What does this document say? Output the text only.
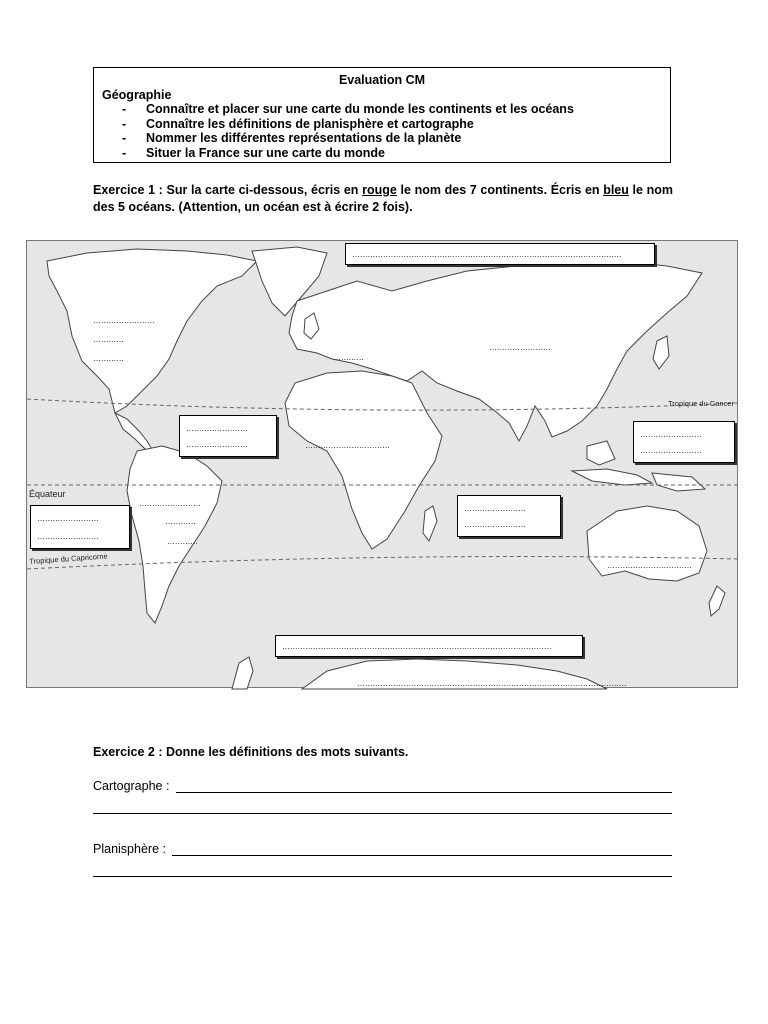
Evaluation CM
Géographie
- Connaître et placer sur une carte du monde les continents et les océans
- Connaître les définitions de planisphère et cartographe
- Nommer les différentes représentations de la planète
- Situer la France sur une carte du monde
Exercice 1 : Sur la carte ci-dessous, écris en rouge le nom des 7 continents. Écris en bleu le nom des 5 océans. (Attention, un océan est à écrire 2 fois).
Équateur
Tropique du Cancer
Tropique du Capricorne
……………………
…………
…………	…………
……………………
……………………………
……………………
…………
…………
……………………………
……………………………………………………………………………………………
……………………………………………………………………………………………
……………………
……………………
……………………
……………………
……………………
……………………
……………………
……………………
……………………………………………………………………………………………
Exercice 2 : Donne les définitions des mots suivants.
Cartographe :
Planisphère :
